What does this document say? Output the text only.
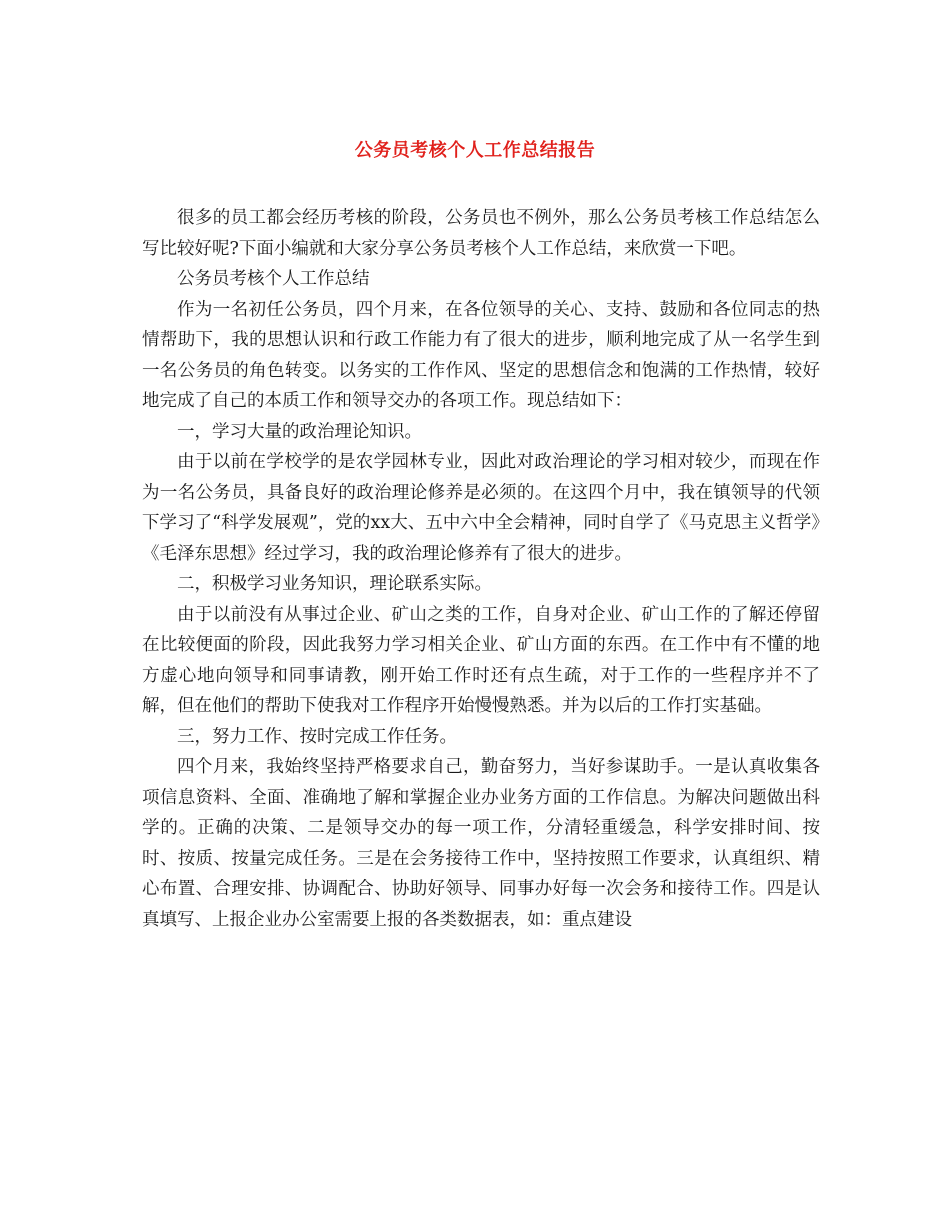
公务员考核个人工作总结报告

很多的员工都会经历考核的阶段，公务员也不例外，那么公务员考核工作总结怎么写比较好呢?下面小编就和大家分享公务员考核个人工作总结，来欣赏一下吧。

公务员考核个人工作总结

作为一名初任公务员，四个月来，在各位领导的关心、支持、鼓励和各位同志的热情帮助下，我的思想认识和行政工作能力有了很大的进步，顺利地完成了从一名学生到一名公务员的角色转变。以务实的工作作风、坚定的思想信念和饱满的工作热情，较好地完成了自己的本质工作和领导交办的各项工作。现总结如下：

一，学习大量的政治理论知识。

由于以前在学校学的是农学园林专业，因此对政治理论的学习相对较少，而现在作为一名公务员，具备良好的政治理论修养是必须的。在这四个月中，我在镇领导的代领下学习了“科学发展观”，党的xx大、五中六中全会精神，同时自学了《马克思主义哲学》《毛泽东思想》经过学习，我的政治理论修养有了很大的进步。

二，积极学习业务知识，理论联系实际。

由于以前没有从事过企业、矿山之类的工作，自身对企业、矿山工作的了解还停留在比较便面的阶段，因此我努力学习相关企业、矿山方面的东西。在工作中有不懂的地方虚心地向领导和同事请教，刚开始工作时还有点生疏，对于工作的一些程序并不了解，但在他们的帮助下使我对工作程序开始慢慢熟悉。并为以后的工作打实基础。

三，努力工作、按时完成工作任务。

四个月来，我始终坚持严格要求自己，勤奋努力，当好参谋助手。一是认真收集各项信息资料、全面、准确地了解和掌握企业办业务方面的工作信息。为解决问题做出科学的。正确的决策、二是领导交办的每一项工作，分清轻重缓急，科学安排时间、按时、按质、按量完成任务。三是在会务接待工作中，坚持按照工作要求，认真组织、精心布置、合理安排、协调配合、协助好领导、同事办好每一次会务和接待工作。四是认真填写、上报企业办公室需要上报的各类数据表，如：重点建设
